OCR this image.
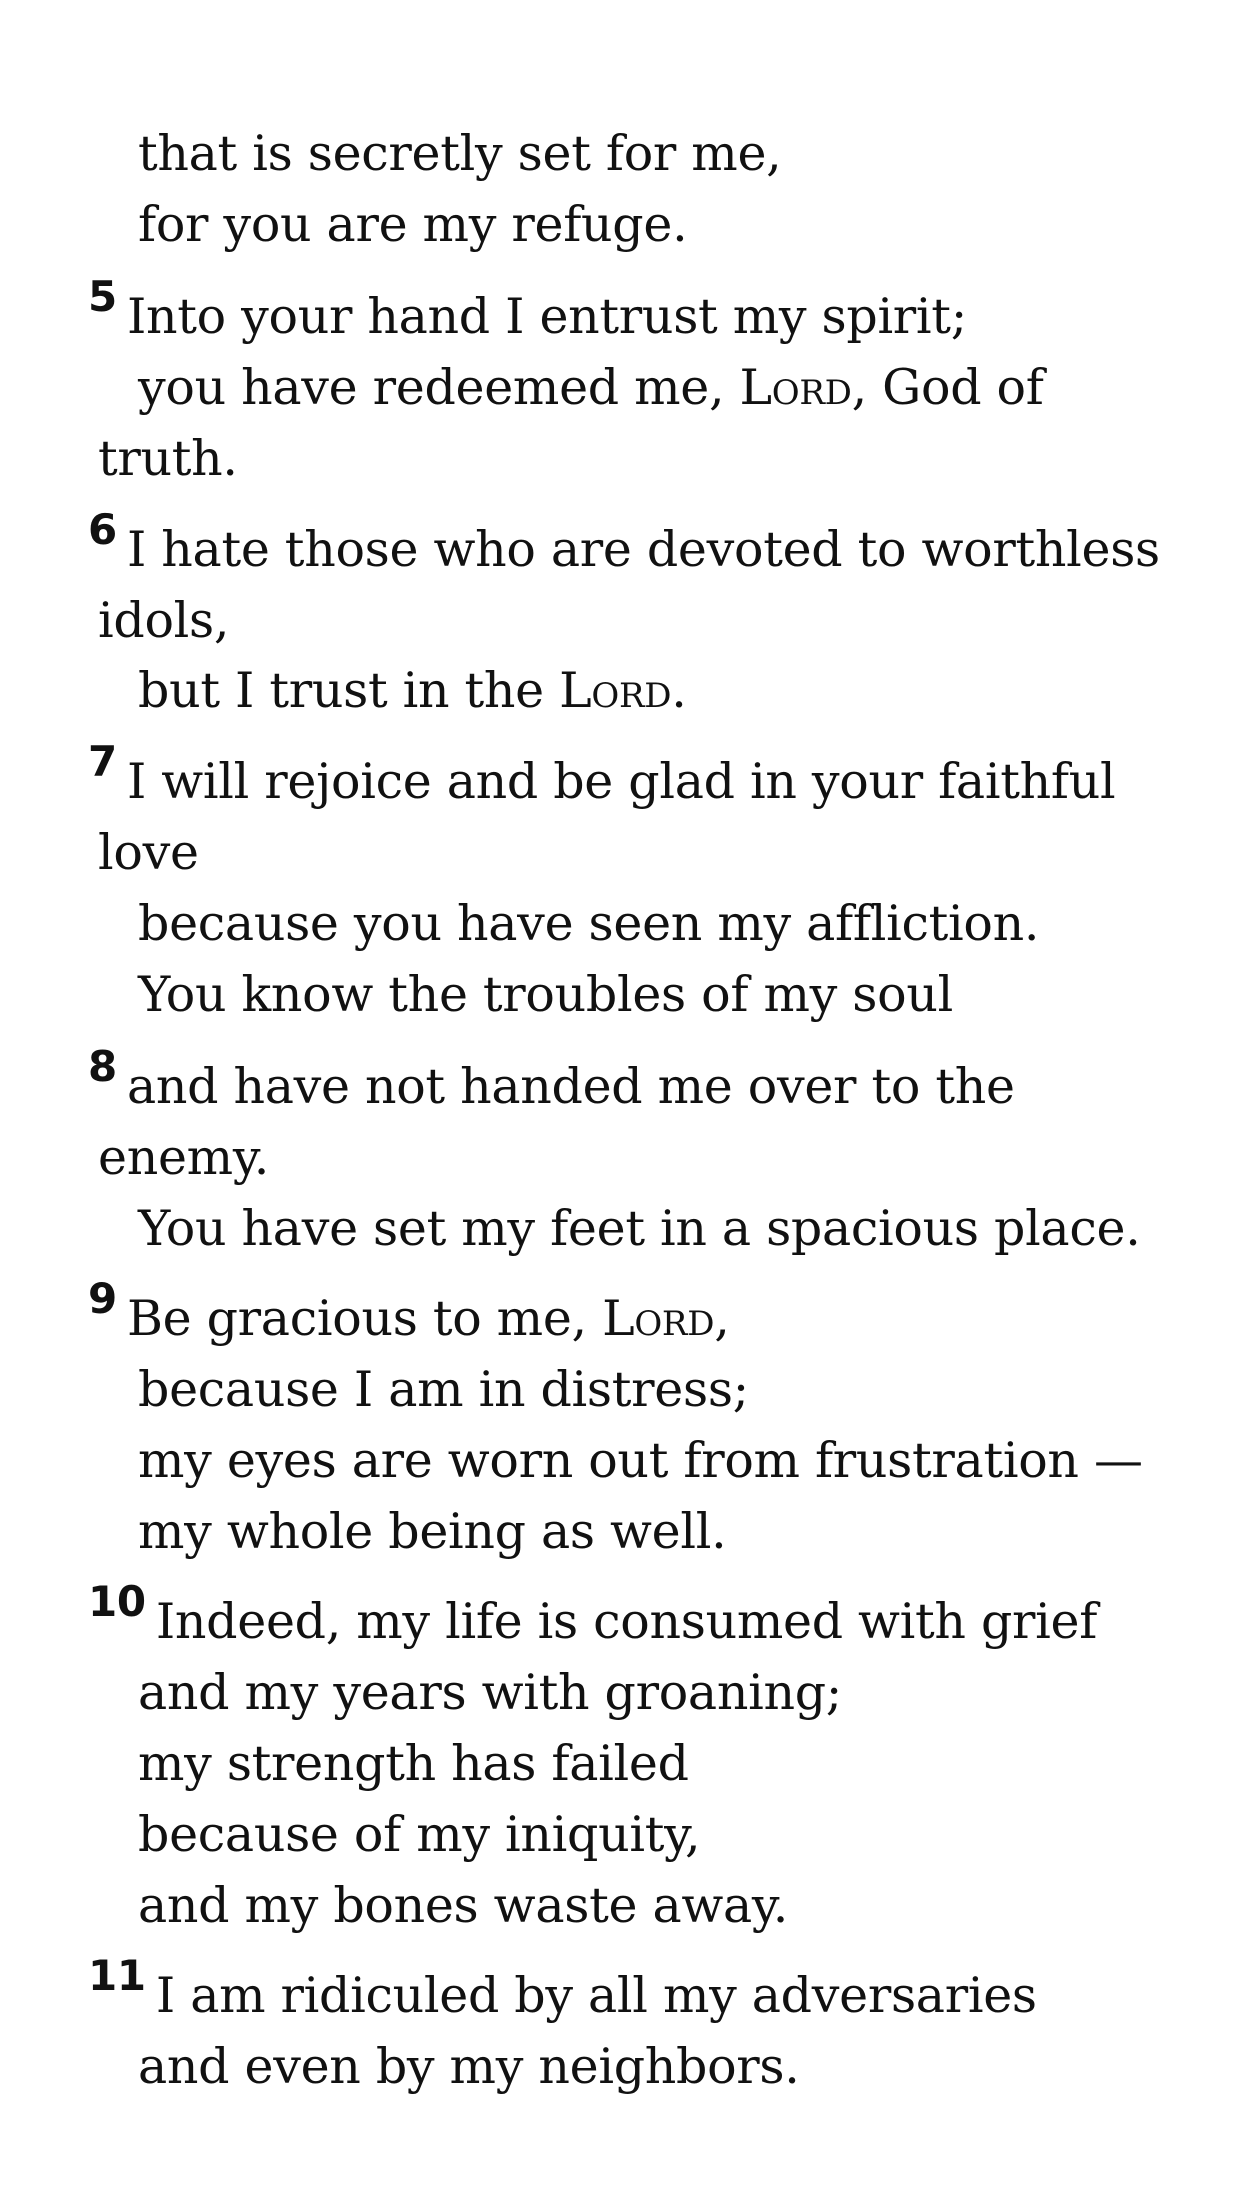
that is secretly set for me,
for you are my refuge.
5 Into your hand I entrust my spirit;
you have redeemed me, Lord, God of
truth.
6 I hate those who are devoted to worthless
idols,
but I trust in the Lord.
7 I will rejoice and be glad in your faithful
love
because you have seen my affliction.
You know the troubles of my soul
8 and have not handed me over to the
enemy.
You have set my feet in a spacious place.
9 Be gracious to me, Lord,
because I am in distress;
my eyes are worn out from frustration —
my whole being as well.
10 Indeed, my life is consumed with grief
and my years with groaning;
my strength has failed
because of my iniquity,
and my bones waste away.
11 I am ridiculed by all my adversaries
and even by my neighbors.
